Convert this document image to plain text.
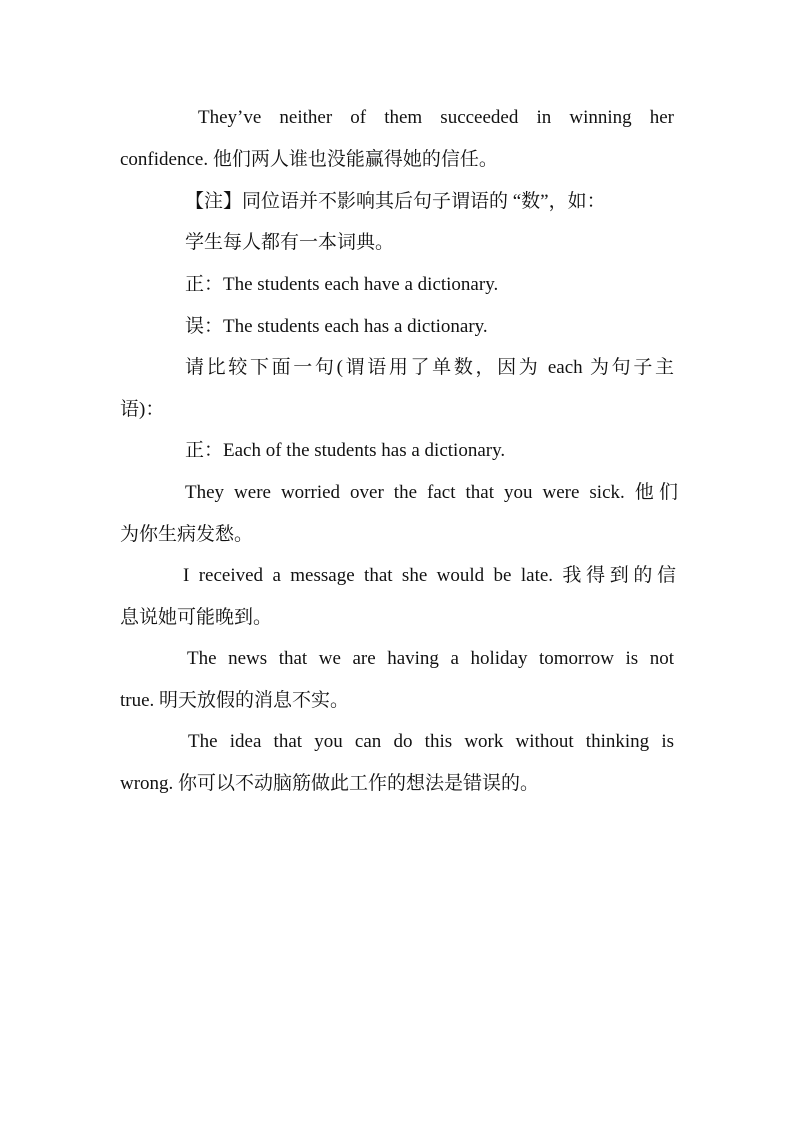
They’ve neither of them succeeded in winning her
confidence. 他们两人谁也没能赢得她的信任。
【注】同位语并不影响其后句子谓语的 “数”，如：
学生每人都有一本词典。
正：The students each have a dictionary.
误：The students each has a dictionary.
请比较下面一句(谓语用了单数，因为 each 为句子主
语)：
正：Each of the students has a dictionary.
They were worried over the fact that you were sick. 他们
为你生病发愁。
I received a message that she would be late. 我得到的信
息说她可能晚到。
The news that we are having a holiday tomorrow is not
true. 明天放假的消息不实。
The idea that you can do this work without thinking is
wrong. 你可以不动脑筋做此工作的想法是错误的。
